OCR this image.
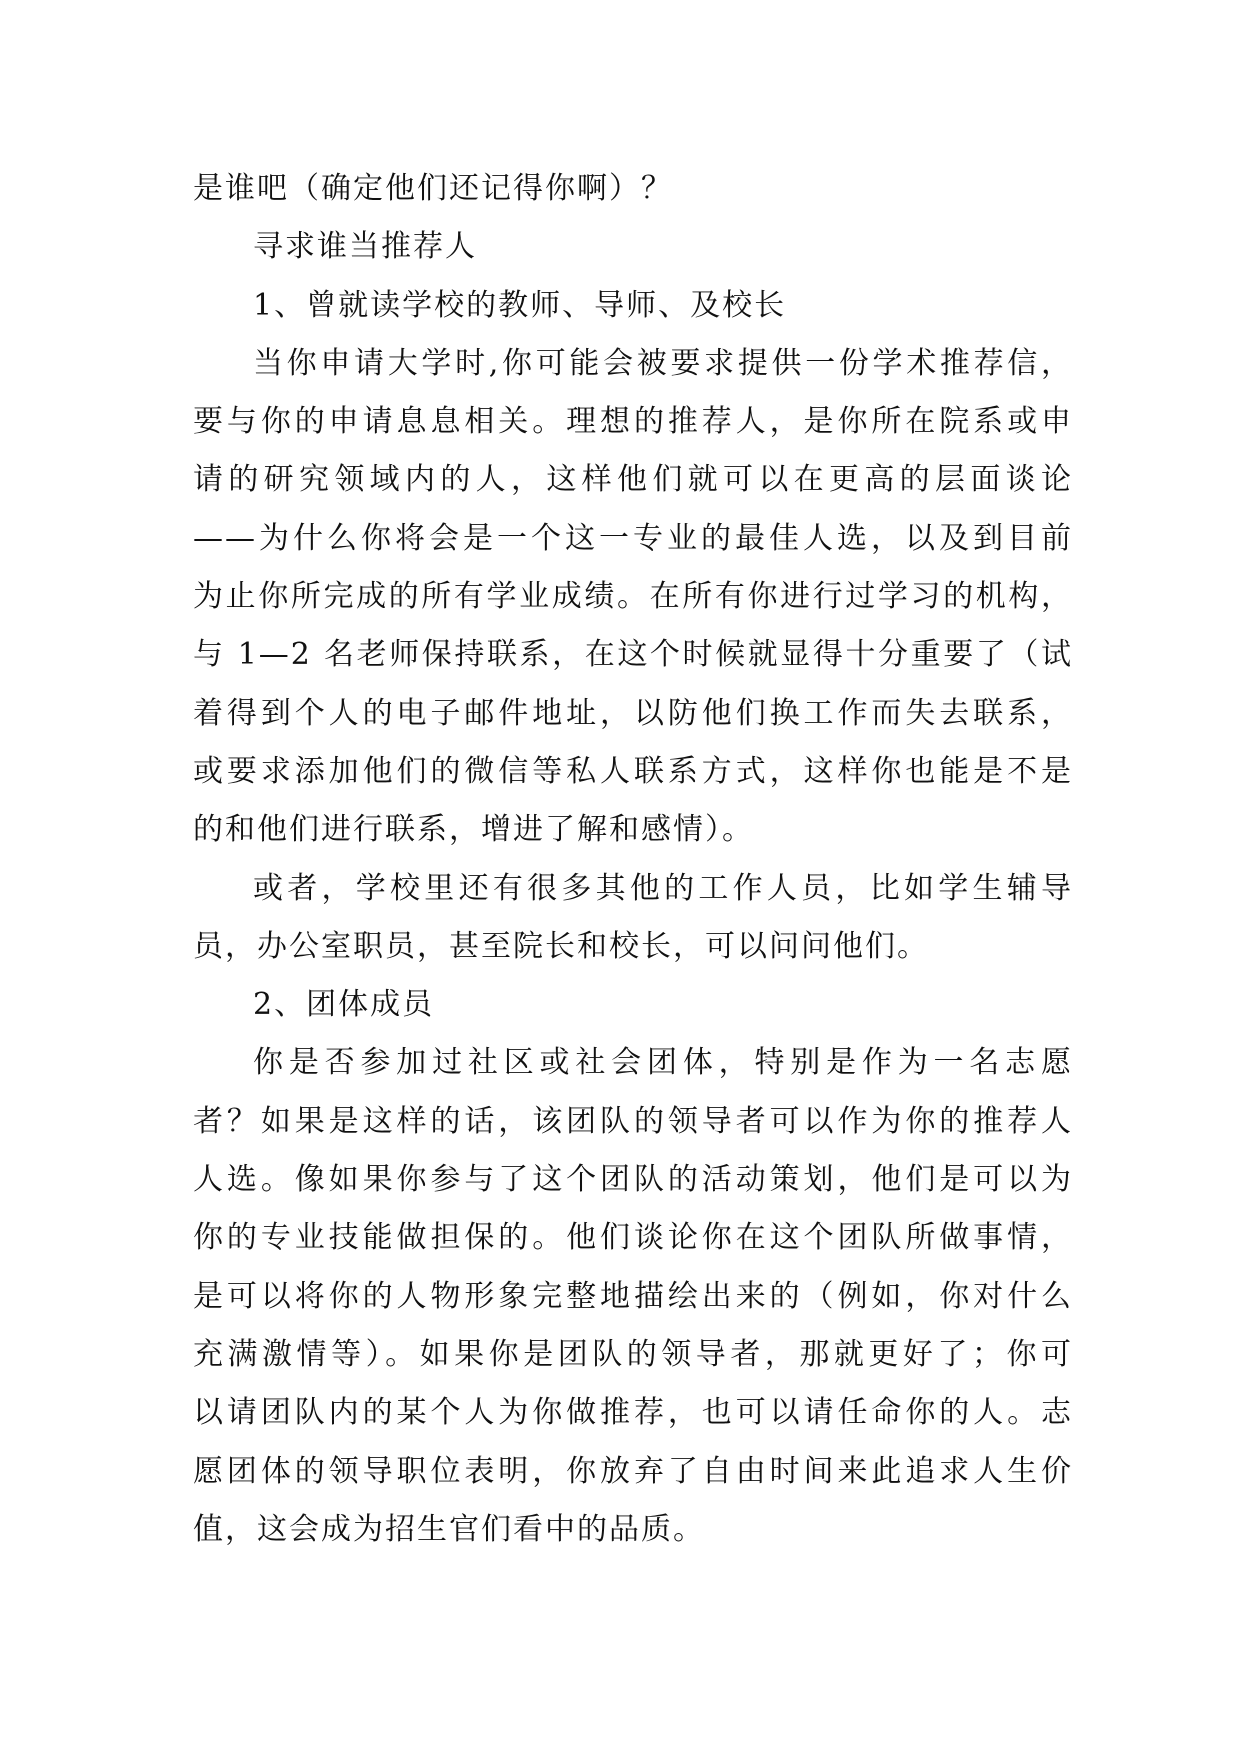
是谁吧（确定他们还记得你啊）？
寻求谁当推荐人
1、曾就读学校的教师、导师、及校长
当你申请大学时,你可能会被要求提供一份学术推荐信，
要与你的申请息息相关。理想的推荐人，是你所在院系或申
请的研究领域内的人，这样他们就可以在更高的层面谈论
——为什么你将会是一个这一专业的最佳人选，以及到目前
为止你所完成的所有学业成绩。在所有你进行过学习的机构，
与 1—2 名老师保持联系，在这个时候就显得十分重要了（试
着得到个人的电子邮件地址，以防他们换工作而失去联系，
或要求添加他们的微信等私人联系方式，这样你也能是不是
的和他们进行联系，增进了解和感情）。
或者，学校里还有很多其他的工作人员，比如学生辅导
员，办公室职员，甚至院长和校长，可以问问他们。
2、团体成员
你是否参加过社区或社会团体，特别是作为一名志愿
者？如果是这样的话，该团队的领导者可以作为你的推荐人
人选。像如果你参与了这个团队的活动策划，他们是可以为
你的专业技能做担保的。他们谈论你在这个团队所做事情，
是可以将你的人物形象完整地描绘出来的（例如，你对什么
充满激情等）。如果你是团队的领导者，那就更好了；你可
以请团队内的某个人为你做推荐，也可以请任命你的人。志
愿团体的领导职位表明，你放弃了自由时间来此追求人生价
值，这会成为招生官们看中的品质。
